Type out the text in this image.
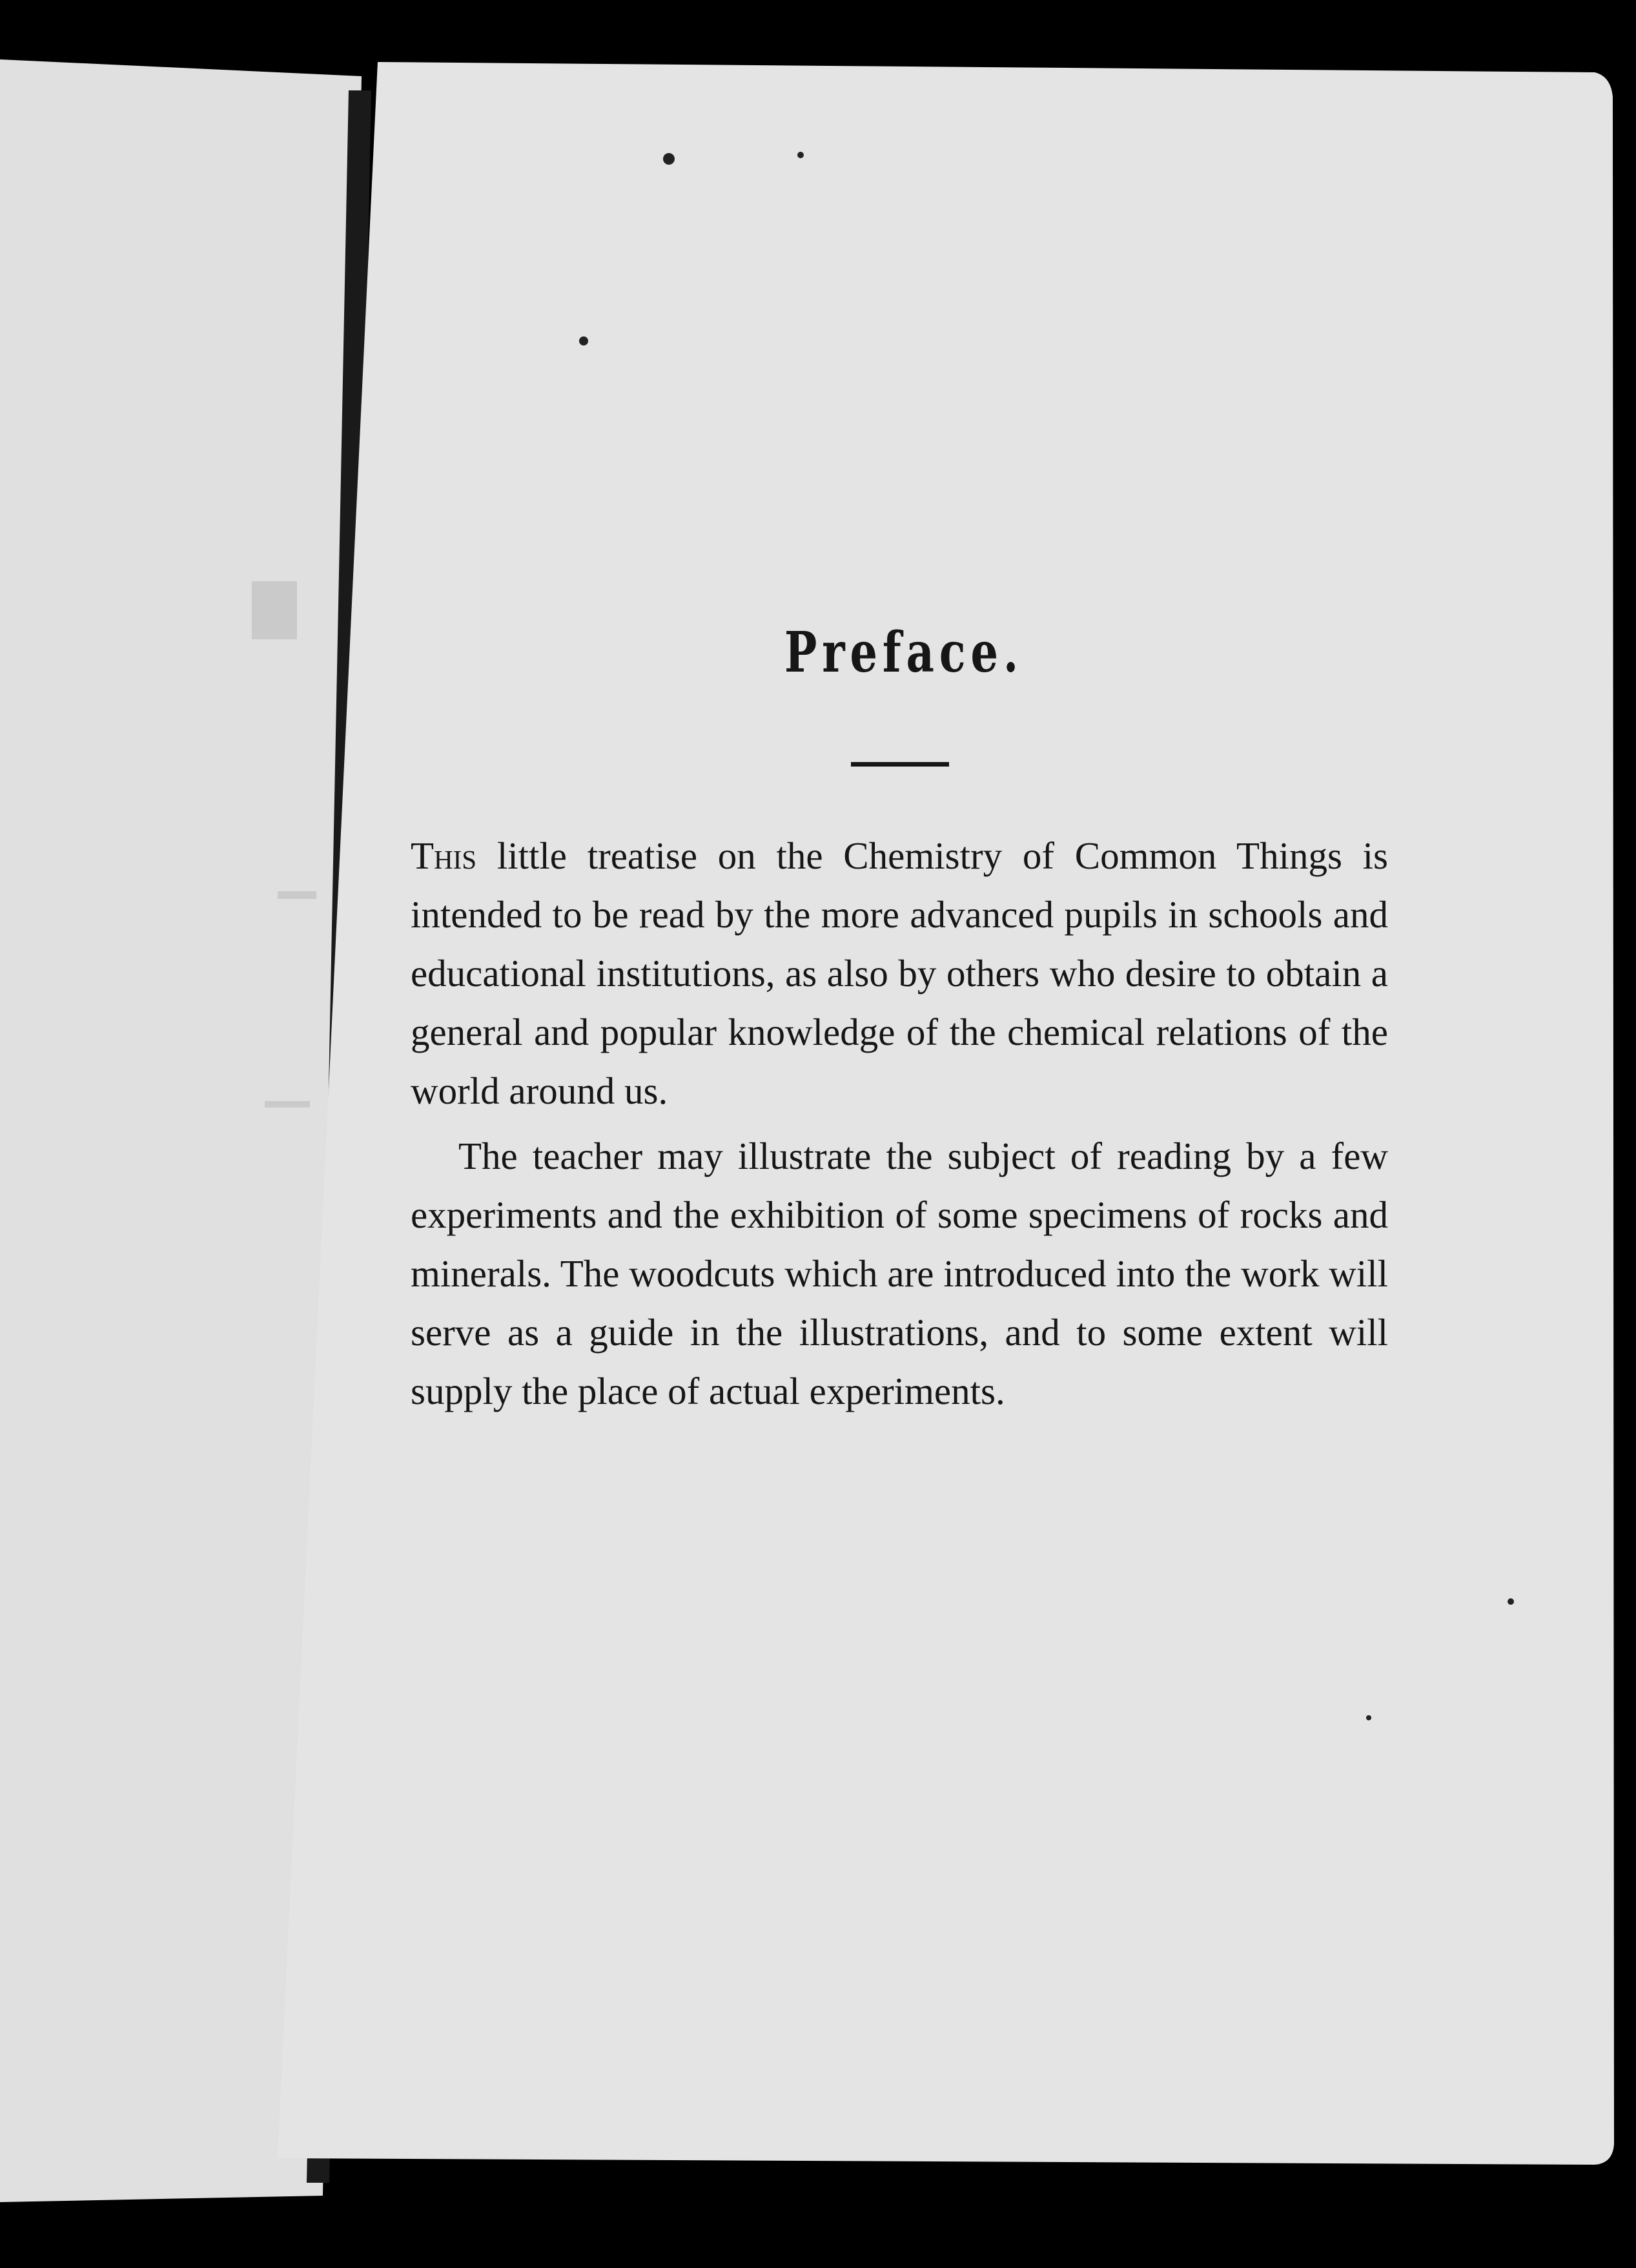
Preface.

This little treatise on the Chemistry of Common Things is intended to be read by the more advanced pupils in schools and educational institutions, as also by others who desire to obtain a general and popular knowledge of the chemical relations of the world around us.

The teacher may illustrate the subject of reading by a few experiments and the exhibition of some specimens of rocks and minerals. The woodcuts which are introduced into the work will serve as a guide in the illustrations, and to some extent will supply the place of actual experiments.
